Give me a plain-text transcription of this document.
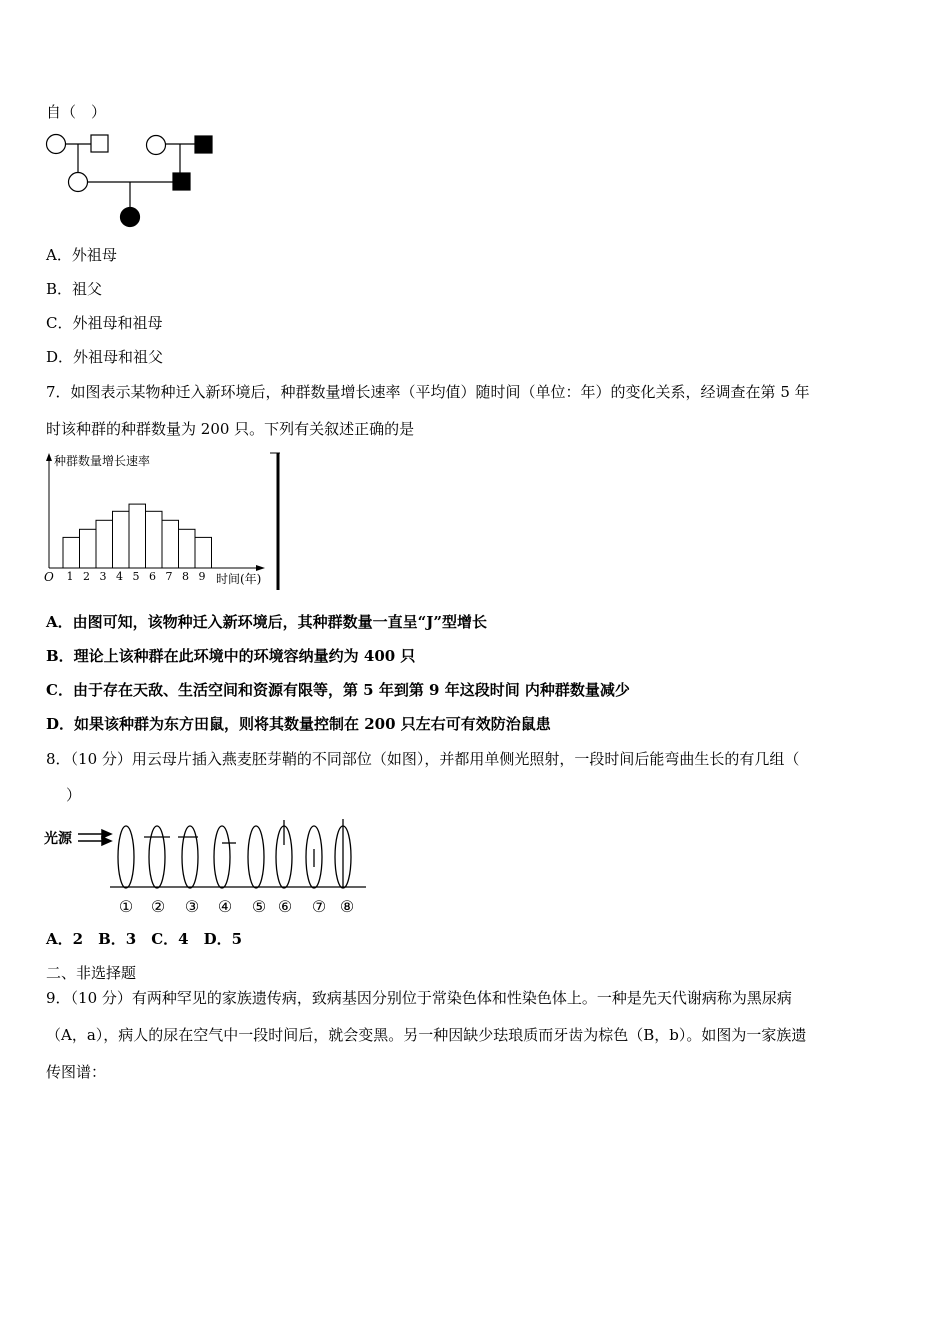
自（　）
A．外祖母
B．祖父
C．外祖母和祖母
D．外祖母和祖父
7．如图表示某物种迁入新环境后，种群数量增长速率（平均值）随时间（单位：年）的变化关系，经调查在第 5 年
时该种群的种群数量为 200 只。下列有关叙述正确的是
种群数量增长速率
O	时间(年)
1 2 3 4 5 6 7 8 9
A．由图可知，该物种迁入新环境后，其种群数量一直呈“J”型增长
B．理论上该种群在此环境中的环境容纳量约为 400 只
C．由于存在天敌、生活空间和资源有限等，第 5 年到第 9 年这段时间 内种群数量减少
D．如果该种群为东方田鼠，则将其数量控制在 200 只左右可有效防治鼠患
8．（10 分）用云母片插入燕麦胚芽鞘的不同部位（如图），并都用单侧光照射，一段时间后能弯曲生长的有几组（
）
光源
① ② ③ ④ ⑤ ⑥ ⑦ ⑧
A．2　B．3　C．4　D．5
二、非选择题
9．（10 分）有两种罕见的家族遗传病，致病基因分别位于常染色体和性染色体上。一种是先天代谢病称为黑尿病
（A，a），病人的尿在空气中一段时间后，就会变黑。另一种因缺少珐琅质而牙齿为棕色（B，b）。如图为一家族遗
传图谱：
